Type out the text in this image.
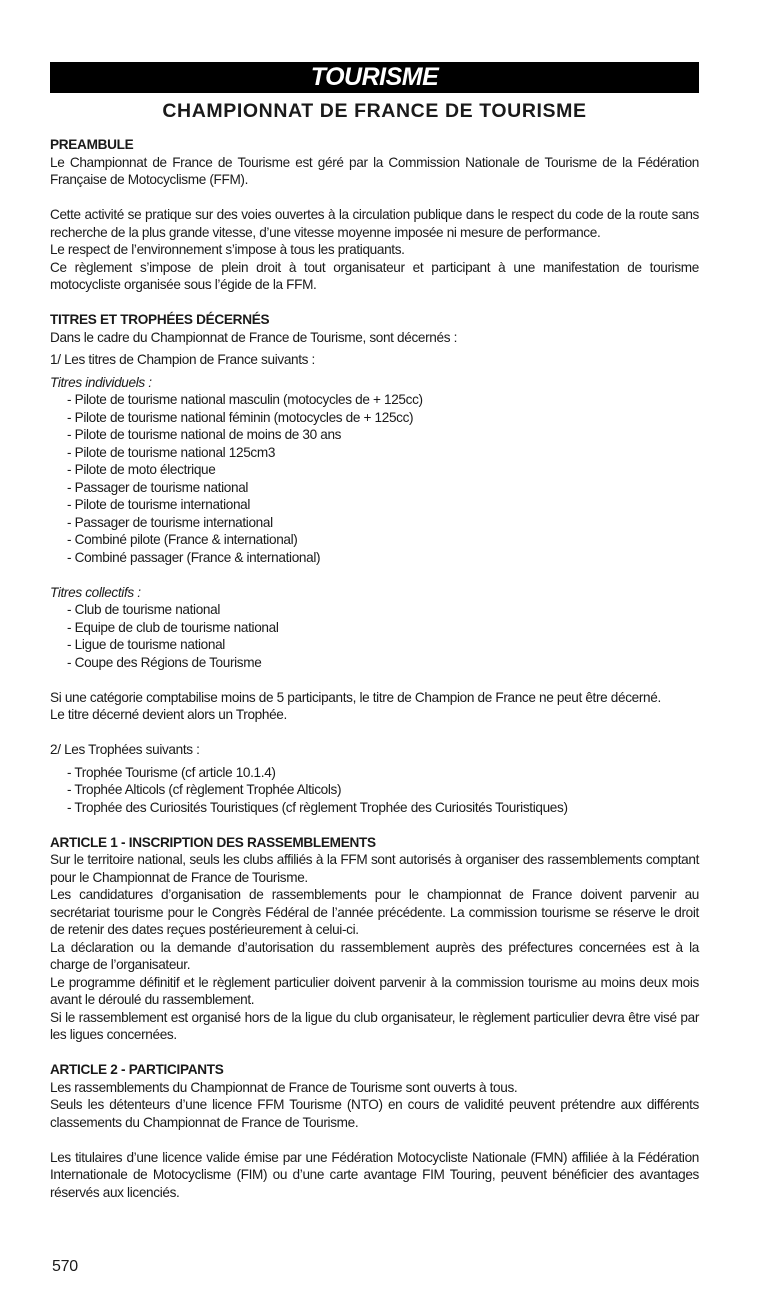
TOURISME
CHAMPIONNAT DE FRANCE DE TOURISME
PREAMBULE

Le Championnat de France de Tourisme est géré par la Commission Nationale de Tourisme de la Fédération Française de Motocyclisme (FFM).

Cette activité se pratique sur des voies ouvertes à la circulation publique dans le respect du code de la route sans recherche de la plus grande vitesse, d’une vitesse moyenne imposée ni mesure de performance.

Le respect de l’environnement s’impose à tous les pratiquants.

Ce règlement s’impose de plein droit à tout organisateur et participant à une manifestation de tourisme motocycliste organisée sous l’égide de la FFM.

TITRES ET TROPHÉES DÉCERNÉS

Dans le cadre du Championnat de France de Tourisme, sont décernés :

1/ Les titres de Champion de France suivants :

Titres individuels :

- Pilote de tourisme national masculin (motocycles de + 125cc)
- Pilote de tourisme national féminin (motocycles de + 125cc)
- Pilote de tourisme national de moins de 30 ans
- Pilote de tourisme national 125cm3
- Pilote de moto électrique
- Passager de tourisme national
- Pilote de tourisme international
- Passager de tourisme international
- Combiné pilote (France & international)
- Combiné passager (France & international)

Titres collectifs :

- Club de tourisme national
- Equipe de club de tourisme national
- Ligue de tourisme national
- Coupe des Régions de Tourisme

Si une catégorie comptabilise moins de 5 participants, le titre de Champion de France ne peut être décerné.

Le titre décerné devient alors un Trophée.

2/ Les Trophées suivants :

- Trophée Tourisme (cf article 10.1.4)
- Trophée Alticols (cf règlement Trophée Alticols)
- Trophée des Curiosités Touristiques (cf règlement Trophée des Curiosités Touristiques)
ARTICLE 1 - INSCRIPTION DES RASSEMBLEMENTS

Sur le territoire national, seuls les clubs affiliés à la FFM sont autorisés à organiser des rassemblements comptant pour le Championnat de France de Tourisme.

Les candidatures d’organisation de rassemblements pour le championnat de France doivent parvenir au secrétariat tourisme pour le Congrès Fédéral de l’année précédente. La commission tourisme se réserve le droit de retenir des dates reçues postérieurement à celui-ci.

La déclaration ou la demande d’autorisation du rassemblement auprès des préfectures concernées est à la charge de l’organisateur.

Le programme définitif et le règlement particulier doivent parvenir à la commission tourisme au moins deux mois avant le déroulé du rassemblement.

Si le rassemblement est organisé hors de la ligue du club organisateur, le règlement particulier devra être visé par les ligues concernées.

ARTICLE 2 - PARTICIPANTS

Les rassemblements du Championnat de France de Tourisme sont ouverts à tous.

Seuls les détenteurs d’une licence FFM Tourisme (NTO) en cours de validité peuvent prétendre aux différents classements du Championnat de France de Tourisme.

Les titulaires d’une licence valide émise par une Fédération Motocycliste Nationale (FMN) affiliée à la Fédération Internationale de Motocyclisme (FIM) ou d’une carte avantage FIM Touring, peuvent bénéficier des avantages réservés aux licenciés.

570
